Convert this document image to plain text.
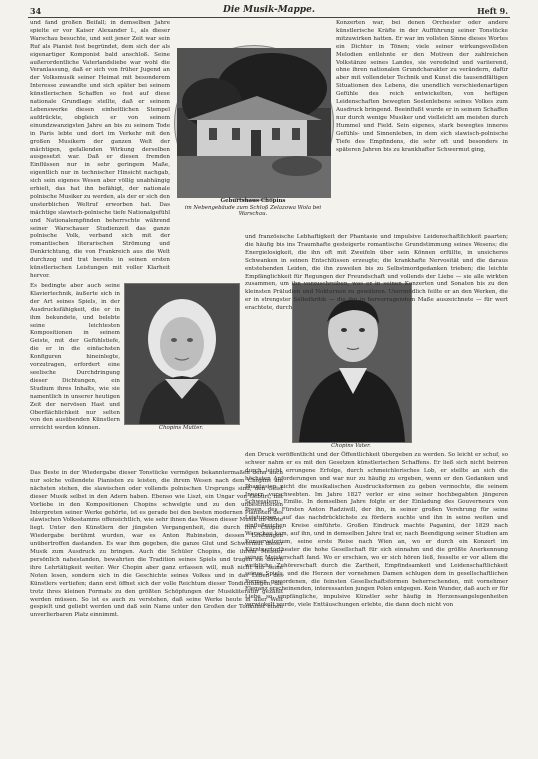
34	Die Musik-Mappe.	Heft 9.
Geburtshaus Chopins
im Nebengebäude zum Schloß Zelazowa Wola bei Warschau.
Chopins Mutter.
Chopins Vater.
und fand großen Beifall; in demselben Jahre spielte er vor Kaiser Alexander I., als dieser Warschau besuchte, und seit jener Zeit war sein Ruf als Pianist fest begründet, dem sich der als eigenartiger Komponist bald anschloß. Seine außerordentliche Vaterlandsliebe war wohl die Veranlassung, daß er sich von früher Jugend an der Volksmusik seiner Heimat mit besonderem Interesse zuwandte und sich später bei seinem künstlerischen Schaffen so fest auf diese nationale Grundlage stellte, daß er seinem Lebenswerke diesen einheitlichen Stempel aufdrückte, obgleich er von seinem einundzwanzigsten Jahre an bis zu seinem Tode in Paris lebte und dort im Verkehr mit den großen Musikern der ganzen Welt der mächtigen, gefallenden Wirkung derselben ausgesetzt war. Daß er diesen fremden Einflüssen nur in sehr geringem Maße, eigentlich nur in technischer Hinsicht nachgab, sich sein eigenes Wesen aber völlig unabhängig erhielt, das hat ihn befähigt, der nationale polnische Musiker zu werden, als der er sich den unsterblichen Weltruf erworben hat. Das mächtige slawisch-polnische tiefe Nationalgefühl und Nationalempfinden beherrschte während seiner Warschauer Studienzeit das ganze polnische Volk, verband sich mit der romantischen literarischen Strömung und Denkrichtung, die von Frankreich aus die Welt durchzog und trat bereits in seinen ersten künstlerischen Leistungen mit voller Klarheit hervor.
Es bedingte aber auch seine Klaviertechnik, äußerte sich in der Art seines Spiels, in der Ausdrucksfähigkeit, die er in ihm bekundete, und belebte seine leichtesten Kompositionen in seinem Geiste, mit der Gefühlstiefe, die er in die einfachsten Konfiguren hineinlegte, vorzutragen, erfordert eine seelische Durchdringung dieser Dichtungen, ein Studium ihres Inhalts, wie sie namentlich in unserer heutigen Zeit der nervösen Hast und Oberflächlichkeit nur selten von den ausübenden Künstlern erreicht werden können.
Das Beste in der Wiedergabe dieser Tonstücke vermögen bekanntermaßen denn auch nur solche vollendete Pianisten zu leisten, die ihrem Wesen nach dem Chopins am nächsten stehen, die slawischen oder vollends polnischen Ursprungs sind, den Geist dieser Musik selbst in den Adern haben. Ebenso wie Liszt, ein Ungar von Geburt, mit Vorliebe in den Kompositionen Chopins schwelgte und zu den unbestrittenen Interpreten seiner Werke gehörte, ist es gerade bei den besten modernen Pianisten des slawischen Volksstamms offensichtlich, wie sehr ihnen das Wesen dieser Musik im Blute liegt. Unter den Künstlern der jüngsten Vergangenheit, die durch ihre Chopin-Wiedergabe berühmt wurden, war es Anton Rubinstein, dessen Leistungen unübertroffen dastanden. Es war ihm gegeben, die ganze Glut und Schwermut dieser Musik zum Ausdruck zu bringen. Auch die Schüler Chopins, die ihrem Meister persönlich nahestanden, bewahrten die Tradition seines Spiels und trugen sie durch ihre Lehrtätigkeit weiter. Wer Chopin aber ganz erfassen will, muß nicht nur seine Noten lesen, sondern sich in die Geschichte seines Volkes und in das Leben des Künstlers vertiefen; dann erst öffnet sich der volle Reichtum dieser Tondichtungen, die trotz ihres kleinen Formats zu den größten Schöpfungen der Musikliteratur gezählt werden müssen. So ist es auch zu verstehen, daß seine Werke heute in aller Welt gespielt und geliebt werden und daß sein Name unter den Großen der Tonkunst einen unverlierbaren Platz einnimmt.
Konzerten war, bei denen Orchester oder andere künstlerische Kräfte in der Aufführung seiner Tonstücke mitzuwirken hatten. Er war im vollsten Sinne dieses Wortes ein Dichter in Tönen; viele seiner wirkungsvollsten Melodien entlehnte er den Motiven der zahlreichen Volkstänze seines Landes, sie veredelnd und variierend, ohne ihren nationalen Grundcharakter zu verändern, dafür aber mit vollendeter Technik und Kunst die tausendfältigen Situationen des Lebens, die unendlich verschiedenartigen Gefühle des reich entwickelten, von heftigen Leidenschaften bewegten Seelenlebens seines Volkes zum Ausdruck bringend. Beeinflußt wurde er in seinem Schaffen nur durch wenige Musiker und vielleicht am meisten durch Hummel und Field. Sein eigenes, stark bewegtes inneres Gefühls- und Sinnenleben, in dem sich slawisch-polnische Tiefe des Empfindens, die sehr oft und besonders in späteren Jahren bis zu krankhafter Schwermut ging,
und französische Lebhaftigkeit der Phantasie und impulsive Leidenschaftlichkeit paarten; die häufig bis ins Traumhafte gesteigerte romantische Grundstimmung seines Wesens; die Energielosigkeit, die ihn oft mit Zweifeln über sein Können erfüllte, in unsicheres Schwanken in seinen Entschlüssen erzeugte; die krankhafte Nervosität und die daraus entstehenden Leiden, die ihn zuweilen bis zu Selbstmordgedanken trieben; die leichte Empfänglichkeit für Regungen der Freundschaft und vollends der Liebe — sie alle wirkten zusammen, um ihn vorzuschreiben, was er in seinen Konzerten und Sonaten bis zu den kleinsten Präludien und Nokturnen zu gewähren. Unermüdlich feilte er an den Werken, die er in strengster Selbstkritik — die ihn in hervorragendem Maße auszeichnete — für wert erachtete, durch
den Druck veröffentlicht und der Öffentlichkeit übergeben zu werden. So leicht er schuf, so schwer nahm er es mit den Gesetzen künstlerischen Schaffens. Er ließ sich nicht beirren durch leicht errungene Erfolge, durch schmeichlerisches Lob, er stellte an sich die höchsten Anforderungen und war nur zu häufig zu ergeben, wenn er den Gedanken und Phantasien nicht die musikalischen Ausdrucksformen zu geben vermochte, die seinem Innern vorschwebten. Im Jahre 1827 verlor er eine seiner hochbegabten jüngeren Schwestern: Emilie. In demselben Jahre folgte er der Einladung des Gouverneurs von Posen, des Fürsten Anton Radziwill, der ihn, in seiner großen Verehrung für seine Leistungen, auf das nachdrücklichste zu fördern suchte und ihn in seine weiten und einflußreichen Kreise einführte. Großen Eindruck machte Paganini, der 1829 nach Warschau kam, auf ihn, und in demselben Jahre trat er, nach Beendigung seiner Studien am Konservatorium, seine erste Reise nach Wien an, wo er durch ein Konzert im Kärntnertortheater die hohe Gesellschaft für sich einnahm und die größte Anerkennung seiner Meisterschaft fand. Wo er erschien, wo er sich hören ließ, fesselte er vor allem die weibliche Zuhörerschaft durch die Zartheit, Empfindsamkeit und Leidenschaftlichkeit seines Spiels, und die Herzen der vornehmen Damen schlugen dem in gesellschaftlichen Formen gewordenen, die feinsten Gesellschaftsformen beherrschenden, mit vornehmer Eleganz erscheinenden, interessanten jungen Polen entgegen. Kein Wunder, daß auch er für Liebe so empfängliche, impulsive Künstler sehr häufig in Herzensangelegenheiten verwickelt wurde, viele Enttäuschungen erlebte, die dann doch nicht von
